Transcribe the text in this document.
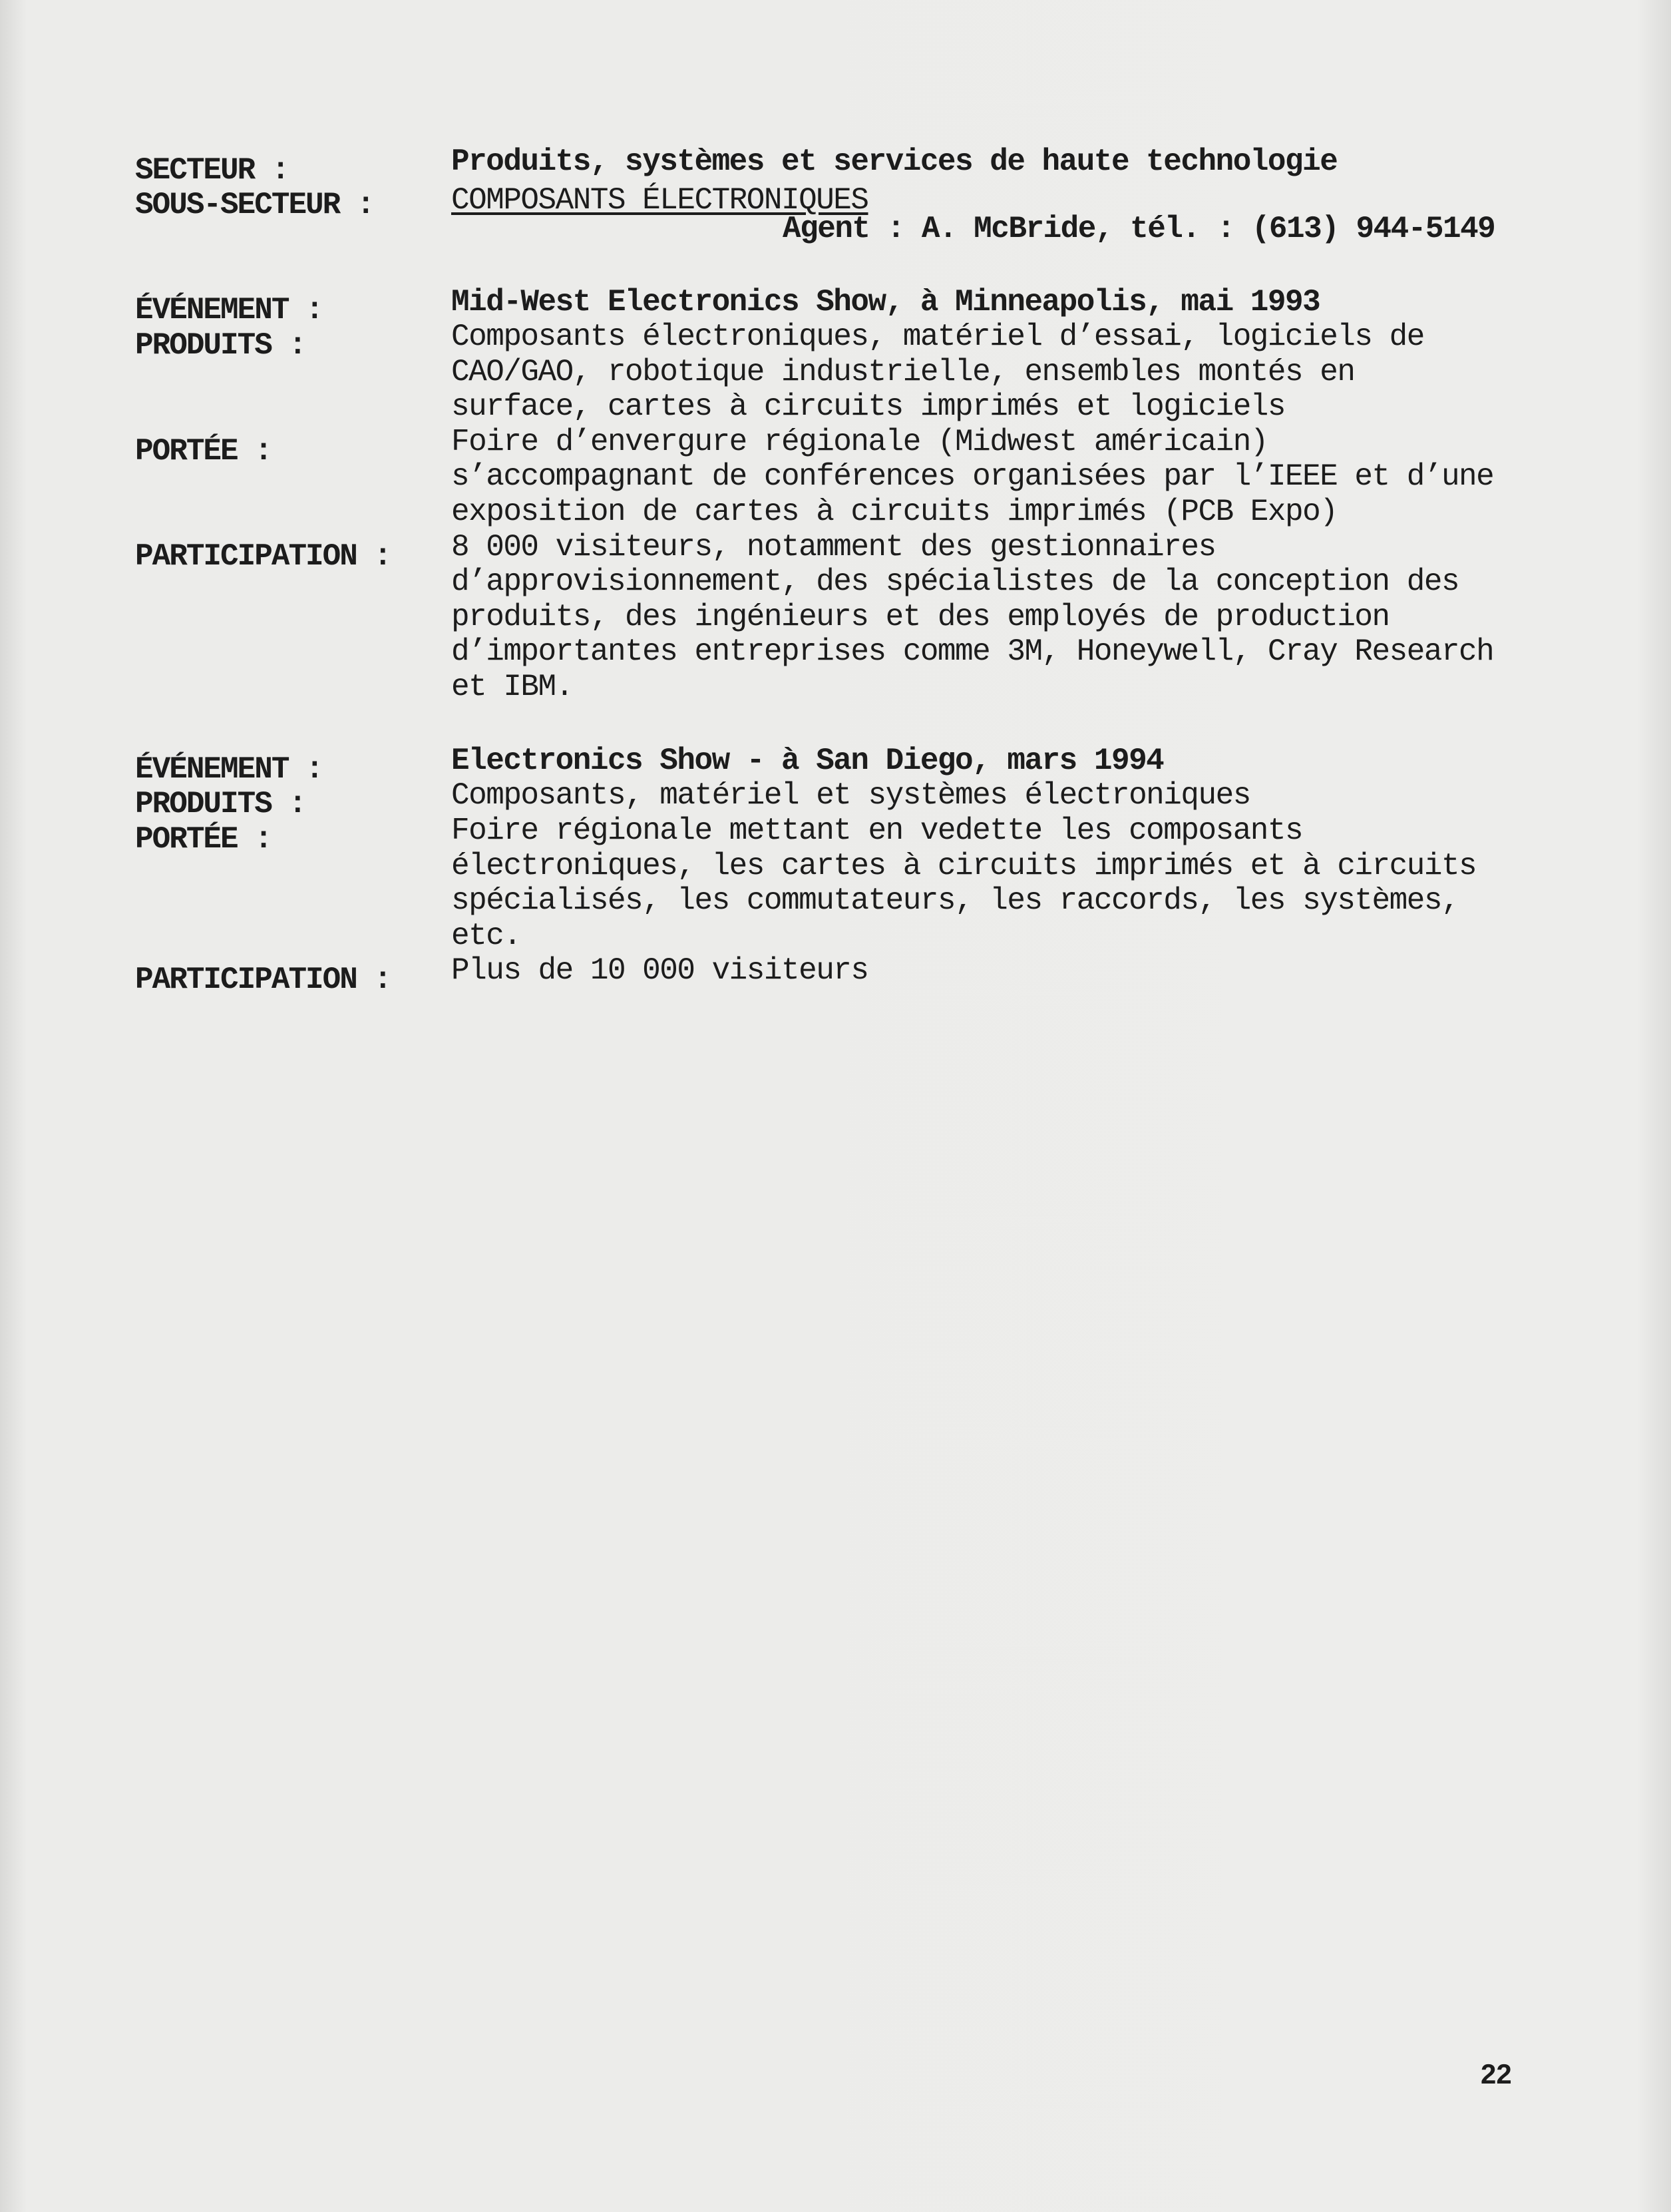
SECTEUR :	Produits, systèmes et services de haute technologie
SOUS-SECTEUR :	COMPOSANTS ÉLECTRONIQUES
Agent : A. McBride, tél. : (613) 944-5149
ÉVÉNEMENT :	Mid-West Electronics Show, à Minneapolis, mai 1993
PRODUITS :	Composants électroniques, matériel d’essai, logiciels de
CAO/GAO, robotique industrielle, ensembles montés en
surface, cartes à circuits imprimés et logiciels
PORTÉE :	Foire d’envergure régionale (Midwest américain)
s’accompagnant de conférences organisées par l’IEEE et d’une
exposition de cartes à circuits imprimés (PCB Expo)
PARTICIPATION : 8 000 visiteurs, notamment des gestionnaires
d’approvisionnement, des spécialistes de la conception des
produits, des ingénieurs et des employés de production
d’importantes entreprises comme 3M, Honeywell, Cray Research
et IBM.
ÉVÉNEMENT :	Electronics Show - à San Diego, mars 1994
PRODUITS :	Composants, matériel et systèmes électroniques
PORTÉE :	Foire régionale mettant en vedette les composants
électroniques, les cartes à circuits imprimés et à circuits
spécialisés, les commutateurs, les raccords, les systèmes,
etc.
PARTICIPATION : Plus de 10 000 visiteurs
22
